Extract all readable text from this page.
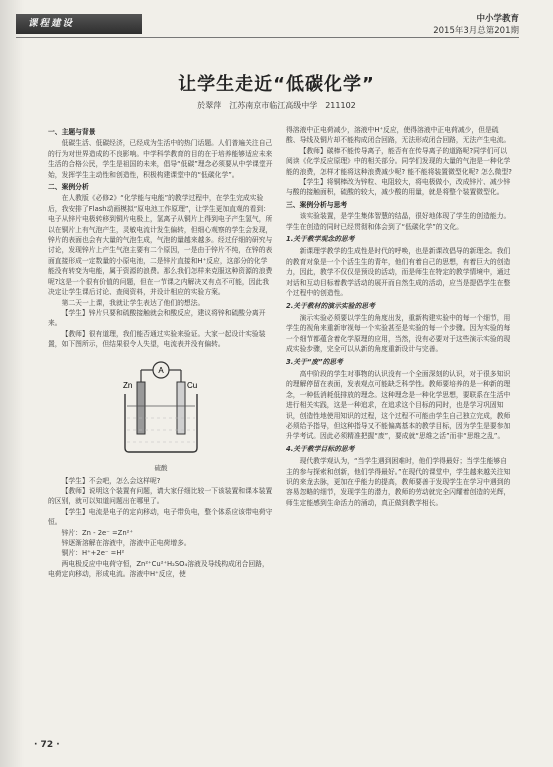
课程建设	中小学教育
2015年3月总第201期
让学生走近“低碳化学”
於翠萍　江苏南京市临江高级中学　211102
一、主题与背景

低碳生活、低碳经济，已经成为生活中的热门话题。人们普遍关注自己的行为对世界造成的不良影响。中学科学教育的目的在于培养能够适应未来生活的合格公民，学生是祖国的未来，倡导“低碳”理念必须要从中学课堂开始，发挥学生主动性和创造性，积极构建课堂中的“低碳化学”。

二、案例分析

在人教版《必修2》“化学能与电能”的教学过程中，在学生完成实验后，我安排了Flash动画模拟“原电池工作原理”，让学生更加直观的看到：电子从锌片电极转移到铜片电极上，氢离子从铜片上得到电子产生氢气，所以在铜片上有气泡产生，灵敏电流计发生偏转，但细心观察的学生会发现，锌片的表面也会有大量的气泡生成，气泡的量越来越多。经过仔细的研究与讨论，发现锌片上产生气泡主要有二个原因，一是由于锌片不纯，在锌的表面直接形成一定数量的小原电池，二是锌片直接和H⁺反应，这部分的化学能没有转变为电能，属于资源的浪费。那么我们怎样来克服这种资源的浪费呢?这是一个很有价值的问题，但在一节课之内解决又有点不可能，因此我决定让学生课后讨论、查阅资料，并设计相应的实验方案。

第二天一上课，我就让学生表达了他们的想法。

【学生】锌片只要和硫酸接触就会和酸反应，建议将锌和硫酸分离开来。

【教师】很有道理，我们能否通过实验来验证。大家一起设计实验装置，如下图所示，但结果很令人失望，电流表并没有偏转。

A
Zn	Cu
硫酸

【学生】不会吧，怎么会这样呢?

【教师】说明这个装置有问题，请大家仔细比较一下该装置和课本装置的区别，就可以知道问题出在哪里了。

【学生】电流是电子的定向移动，电子带负电，整个体系应该带电荷守恒。

锌片：Zn - 2e⁻ =Zn²⁺

锌逐渐溶解在溶液中，溶液中正电荷增多。

铜片：H⁺+2e⁻ =H²

两电极反应中电荷守恒，Zn²⁺Cu²⁺H₂SO₄溶液及导线构成闭合回路，电荷定向移动，形成电流。溶液中H⁺反应，使

得溶液中正电荷减少，溶液中H⁺反应，使得溶液中正电荷减少，但是硫酸、导线及铜片却不能构成闭合回路，无法形成闭合回路，无法产生电流。

【教师】碳棒不能传导离子，能否有在传导离子的道路呢?同学们可以阅读《化学反应原理》中的相关部分。同学们发现的大量的气泡是一种化学能的浪费，怎样才能将这种浪费减少呢? 能不能将装置微型化呢? 怎么微型?

【学生】将铜棒改为锌粒、电阻较大，将电极做小，改成锌片、减少锌与酸的接触面积，硫酸的较大，减少酸的用量，就是将整个装置微型化。

三、案例分析与思考

该实验装置，是学生集体智慧的结晶，很好地体现了学生的创造能力。学生在创造的同时已经贯彻和体会到了“低碳化学”的文化。

1.关于教学观念的思考

新课理学教学的生成性是时代的呼唤，也是新课改倡导的新理念。我们的教育对象是一个个活生生的青年，他们有着自己的思想，有着巨大的创造力，因此，教学不仅仅是预设的活动，而是师生在特定的教学情境中，通过对话和互动目标着教学活动的展开而自然生成的活动，应当是提倡学生在整个过程中的创造性。

2.关于教材的演示实验的思考

演示实验必须要以学生的角度出发，重新构建实验中的每一个细节，用学生的视角来重新审视每一个实验甚至是实验的每一个步骤。因为实验的每一个细节都蕴含着化学原理的应用，当然，没有必要对于这些演示实验的现成实验步骤，完全可以从新的角度重新设计与完善。

3.关于“废”的思考

高中阶段的学生对事物的认识没有一个全面深刻的认识，对于很多知识的理解停留在表面，发表观点可能缺乏科学性。教师要培养的是一种新的理念，一种低消耗低排放的理念。这种理念是一种化学思想，要联系在生活中进行相关实践，这是一种追求，在追求这个目标的同时，也是学习巩固知识，创造性地使用知识的过程，这个过程不可能由学生自己独立完成，教师必须给予指导，但这种指导又不能偏离基本的教学目标，因为学生是要参加升学考试。因此必须精准把握“废”，要成就“思维之活”而非“思维之乱”。

4.关于教学目标的思考

现代教学观认为，“当学生遇到困难时，他们学得最好；当学生能够自主的参与探索和创新，他们学得最好。”在现代的课堂中，学生越来越关注知识的来龙去脉，更加在乎能力的提高，教师要善于发现学生在学习中遇到的容易忽略的细节，发现学生的潜力，教师的劳动就完全闪耀着创造的光辉，师生定能感到生命活力的涌动，真正做到教学相长。

· 72 ·
